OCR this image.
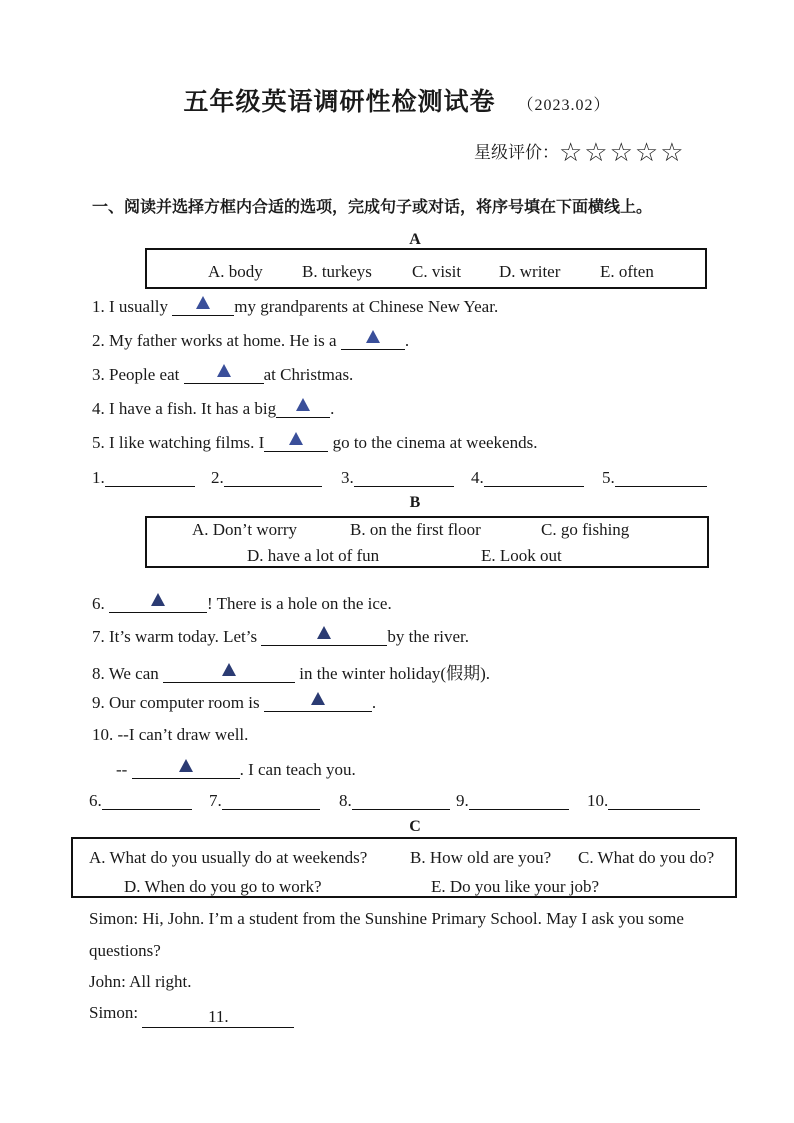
五年级英语调研性检测试卷 （2023.02）
星级评价：☆☆☆☆☆
一、阅读并选择方框内合适的选项，完成句子或对话，将序号填在下面横线上。
A
A. body B. turkeys C. visit D. writer E. often
1. I usually	my grandparents at Chinese New Year.
2. My father works at home. He is a	.
3. People eat	at Christmas.
4. I have a fish. It has a big	.
5. I like watching films. I	go to the cinema at weekends.
1.	2.	3.	4.	5.
B
A. Don’t worry	B. on the first floor	C. go fishing
D. have a lot of fun	E. Look out
6.	! There is a hole on the ice.
7. It’s warm today. Let’s	by the river.
8. We can	in the winter holiday(假期).
9. Our computer room is	.
10. --I can’t draw well.
--	. I can teach you.
6.	7.	8.	9.	10.
C
A. What do you usually do at weekends?	B. How old are you? C. What do you do?
D. When do you go to work?	E. Do you like your job?
Simon: Hi, John. I’m a student from the Sunshine Primary School. May I ask you some
questions?
John: All right.
Simon:	11.
